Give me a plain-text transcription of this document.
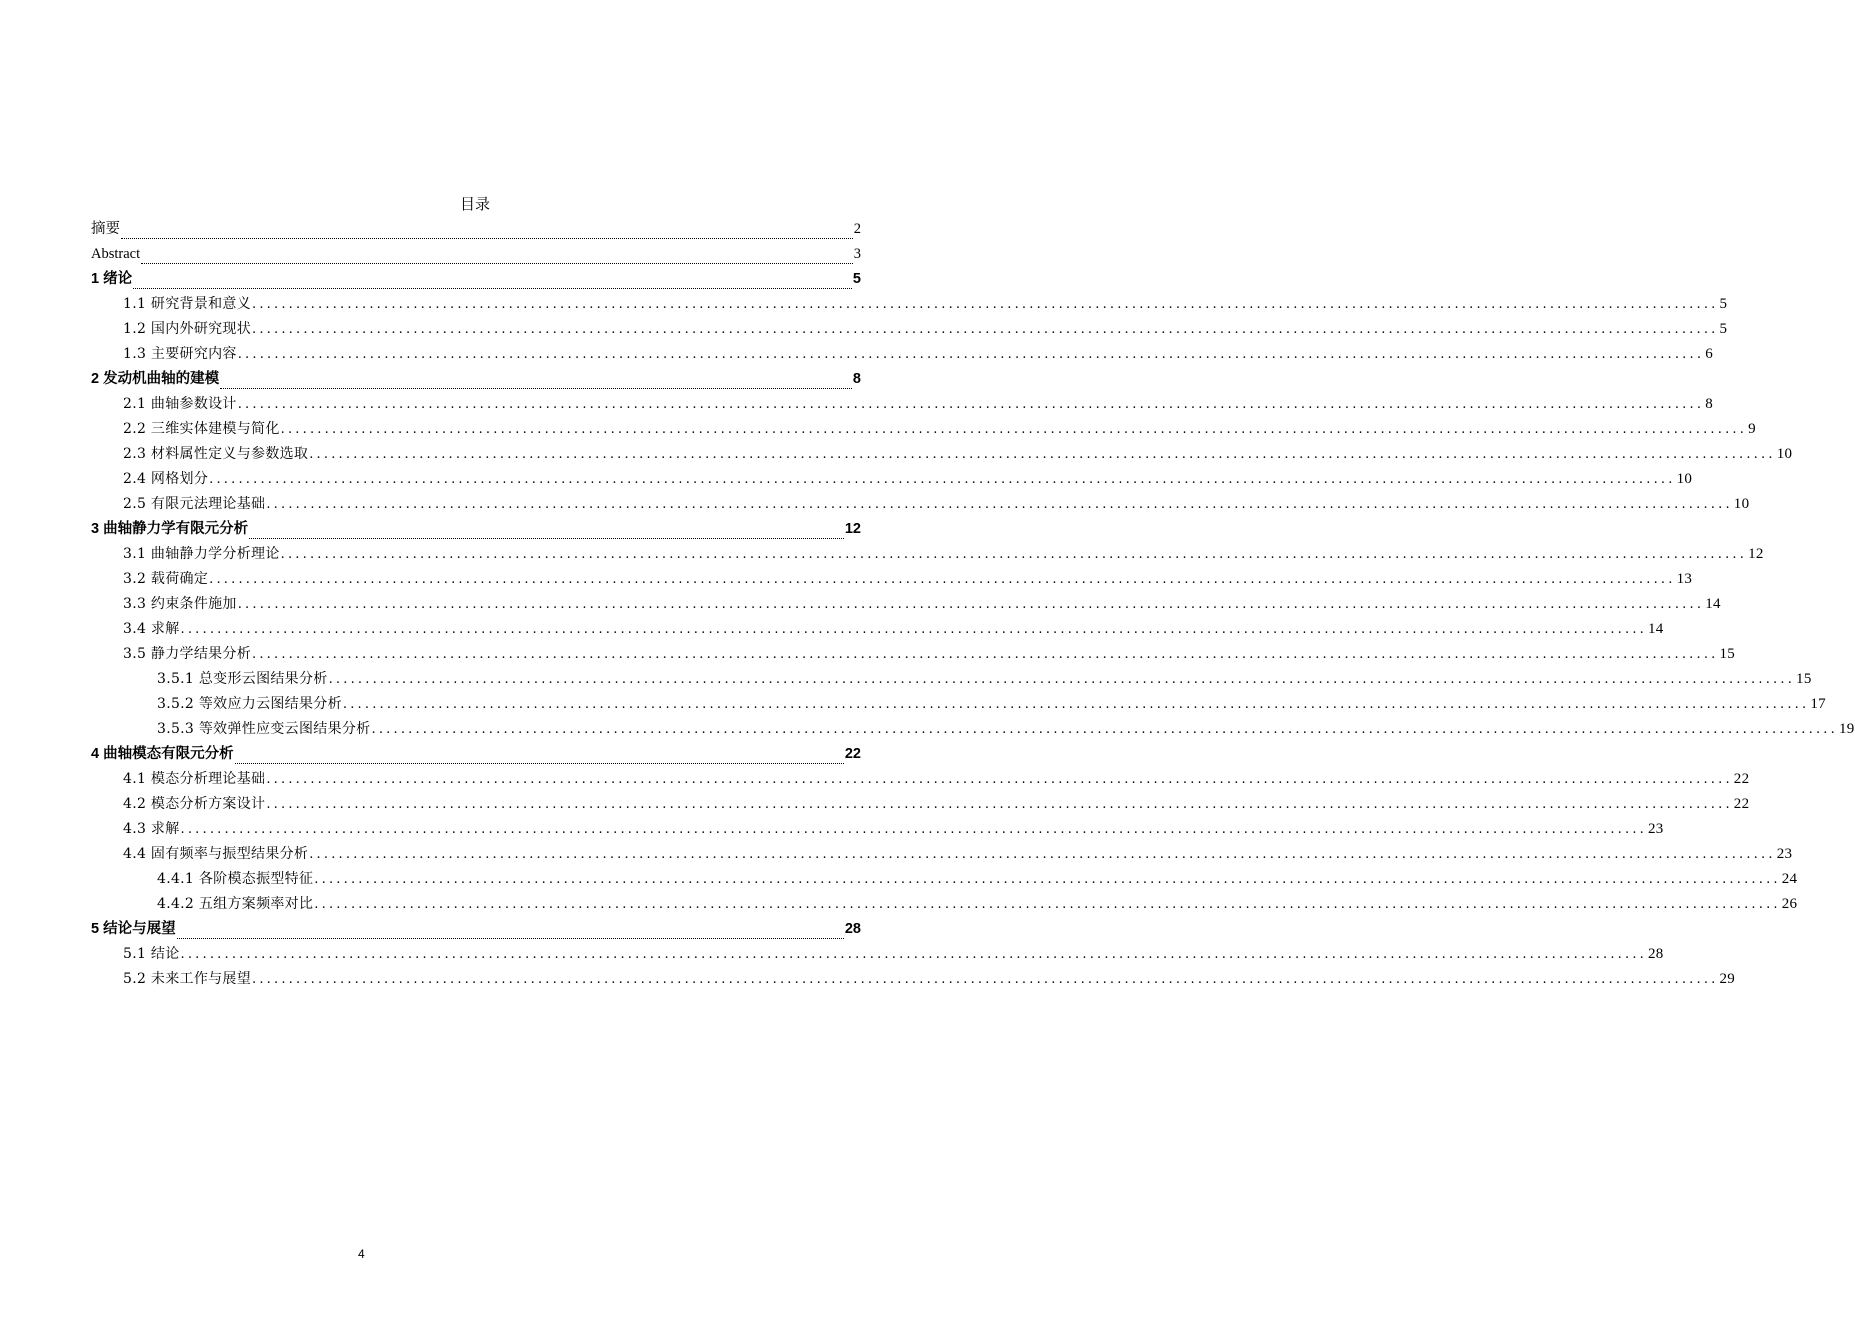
目录
摘要	2
Abstract	3
1 绪论	5
1.1 研究背景和意义 ........................................................................................................................................................................................................ 5
1.2 国内外研究现状 ........................................................................................................................................................................................................ 5
1.3 主要研究内容 ........................................................................................................................................................................................................ 6
2 发动机曲轴的建模	8
2.1 曲轴参数设计 ........................................................................................................................................................................................................ 8
2.2 三维实体建模与简化 ........................................................................................................................................................................................................ 9
2.3 材料属性定义与参数选取 ........................................................................................................................................................................................................ 10
2.4 网格划分 ........................................................................................................................................................................................................ 10
2.5 有限元法理论基础 ........................................................................................................................................................................................................ 10
3 曲轴静力学有限元分析	12
3.1 曲轴静力学分析理论 ........................................................................................................................................................................................................ 12
3.2 载荷确定 ........................................................................................................................................................................................................ 13
3.3 约束条件施加 ........................................................................................................................................................................................................ 14
3.4 求解 ........................................................................................................................................................................................................ 14
3.5 静力学结果分析 ........................................................................................................................................................................................................ 15
3.5.1 总变形云图结果分析 ........................................................................................................................................................................................................ 15
3.5.2 等效应力云图结果分析 ........................................................................................................................................................................................................ 17
3.5.3 等效弹性应变云图结果分析 ........................................................................................................................................................................................................ 19
4 曲轴模态有限元分析	22
4.1 模态分析理论基础 ........................................................................................................................................................................................................ 22
4.2 模态分析方案设计 ........................................................................................................................................................................................................ 22
4.3 求解 ........................................................................................................................................................................................................ 23
4.4 固有频率与振型结果分析 ........................................................................................................................................................................................................ 23
4.4.1 各阶模态振型特征 ........................................................................................................................................................................................................ 24
4.4.2 五组方案频率对比 ........................................................................................................................................................................................................ 26
5 结论与展望	28
5.1 结论 ........................................................................................................................................................................................................ 28
5.2 未来工作与展望 ........................................................................................................................................................................................................ 29
4
